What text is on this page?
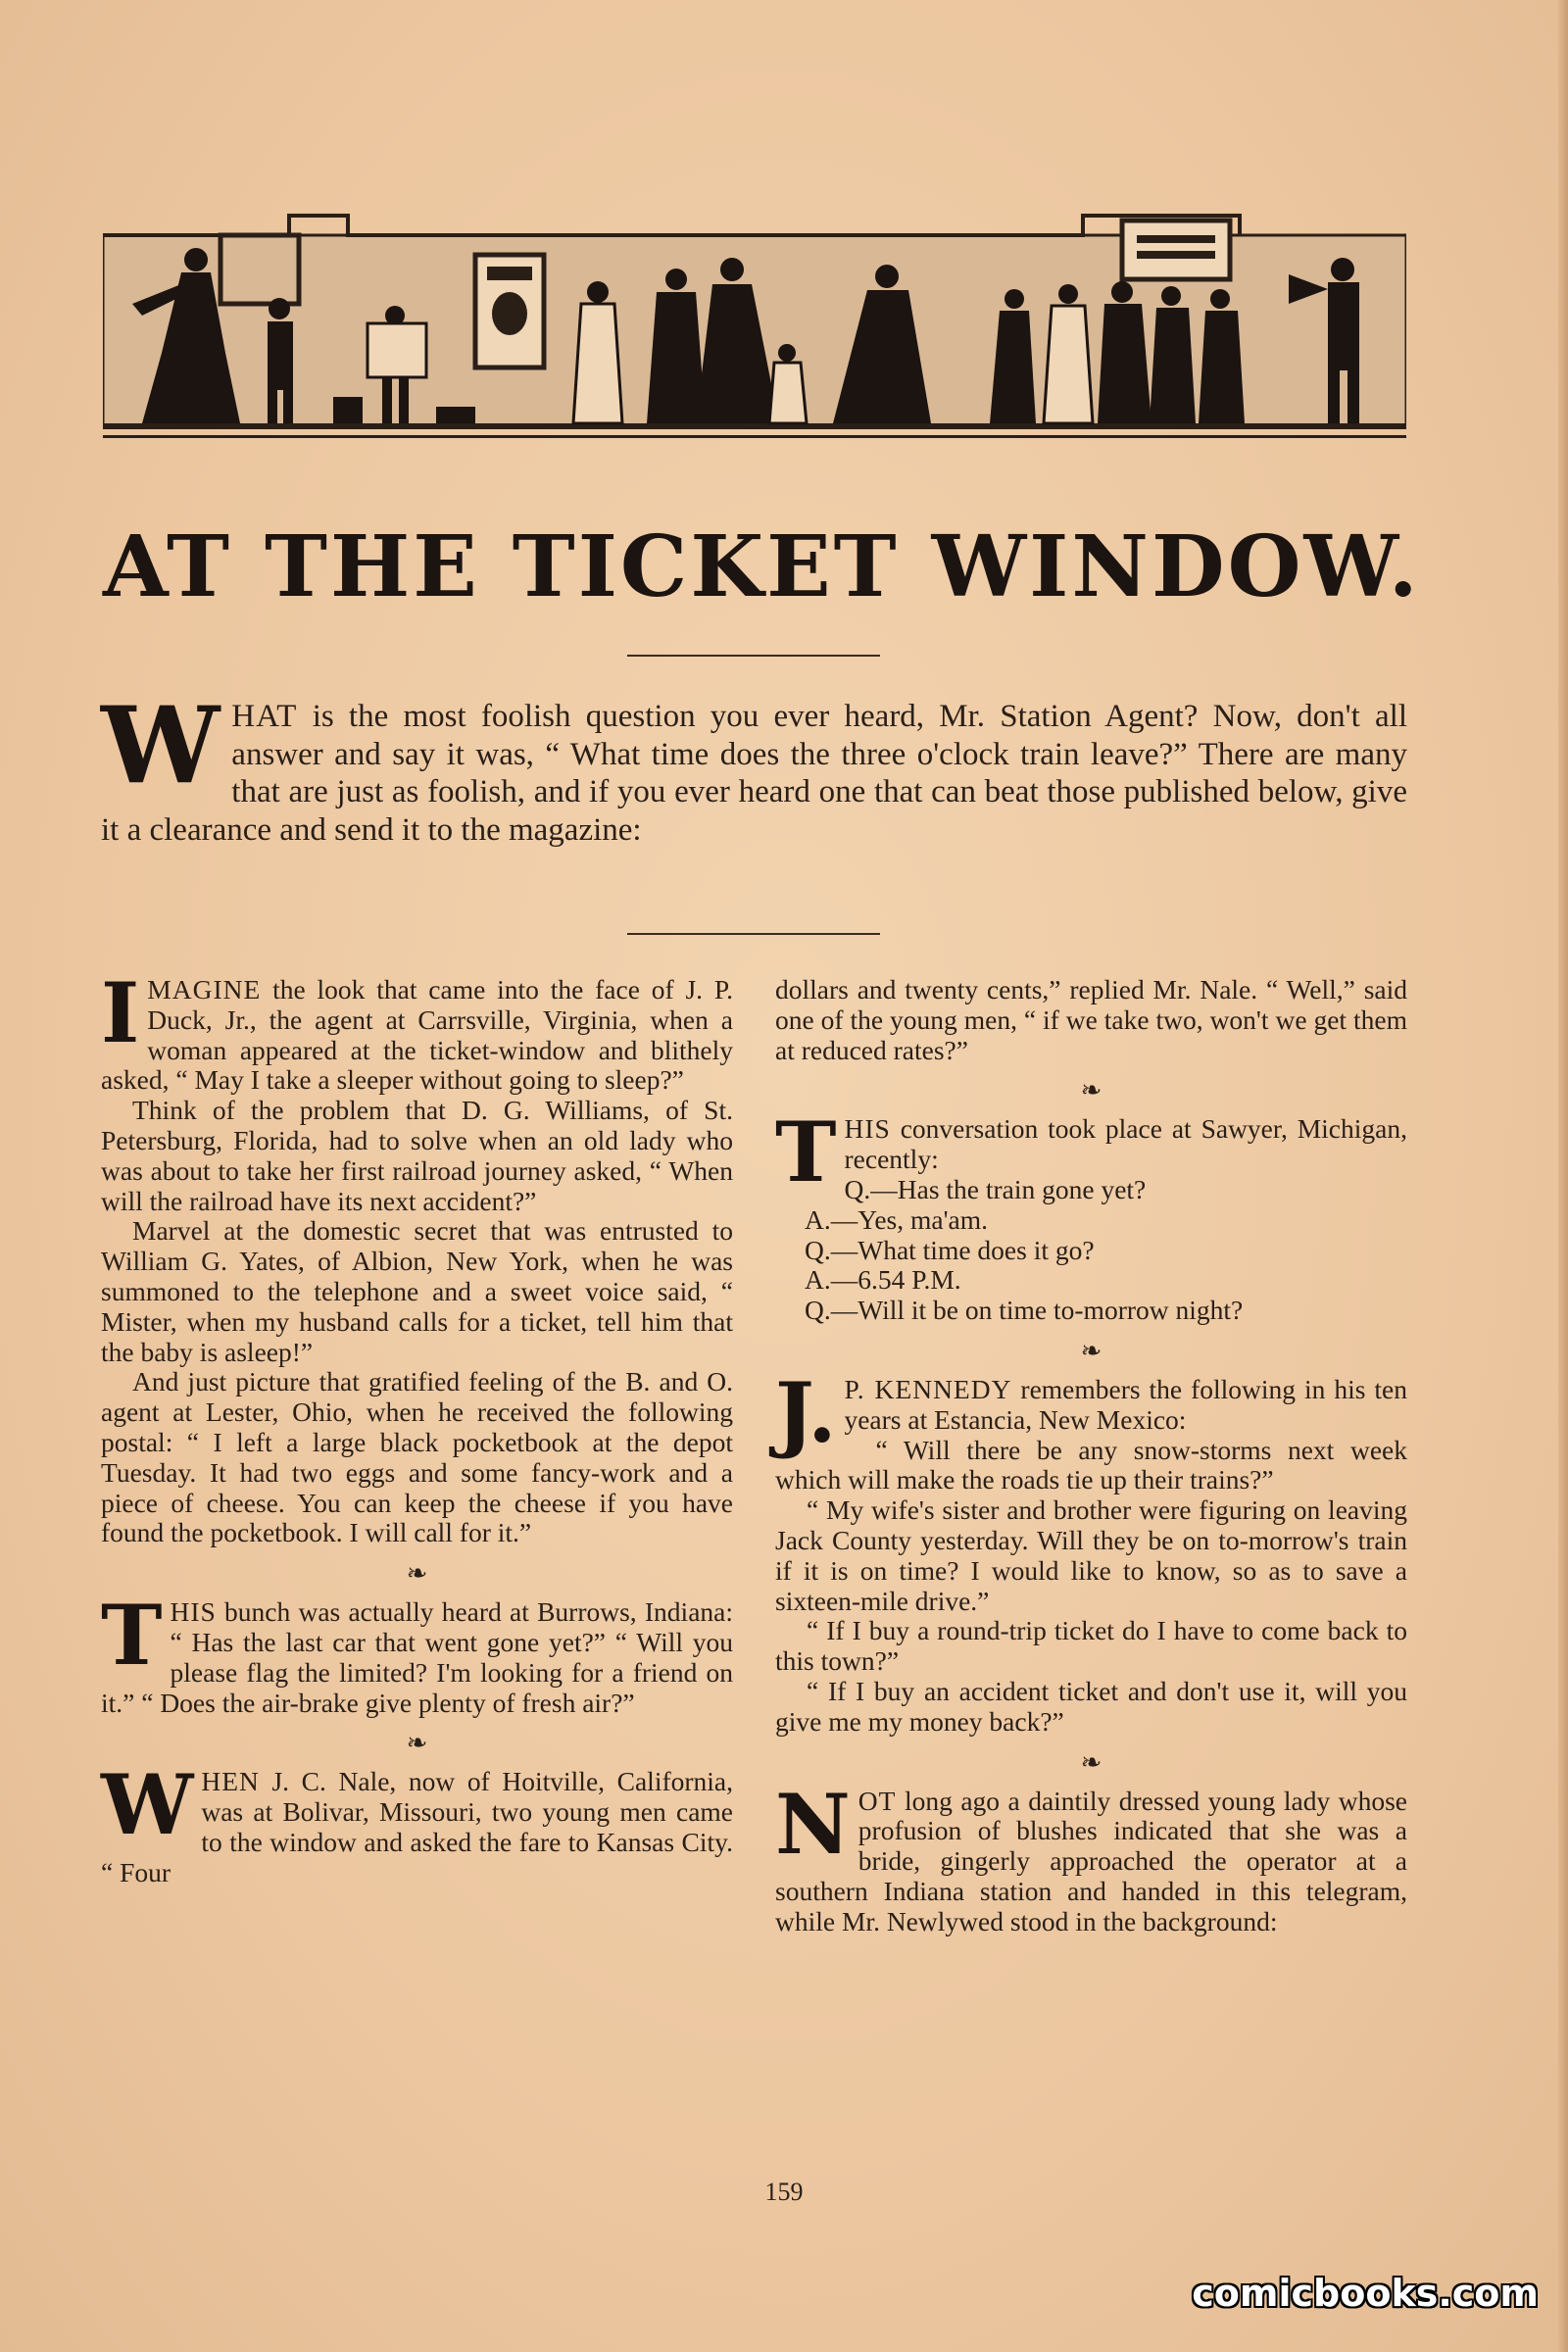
AT THE TICKET WINDOW.
WHAT is the most foolish question you ever heard, Mr. Station Agent? Now, don't all answer and say it was, “ What time does the three o'clock train leave?” There are many that are just as foolish, and if you ever heard one that can beat those published below, give it a clearance and send it to the magazine:

IMAGINE the look that came into the face of J. P. Duck, Jr., the agent at Carrsville, Virginia, when a woman appeared at the ticket-window and blithely asked, “ May I take a sleeper without going to sleep?”

Think of the problem that D. G. Williams, of St. Petersburg, Florida, had to solve when an old lady who was about to take her first railroad journey asked, “ When will the railroad have its next accident?”

Marvel at the domestic secret that was entrusted to William G. Yates, of Albion, New York, when he was summoned to the telephone and a sweet voice said, “ Mister, when my husband calls for a ticket, tell him that the baby is asleep!”

And just picture that gratified feeling of the B. and O. agent at Lester, Ohio, when he received the following postal: “ I left a large black pocketbook at the depot Tuesday. It had two eggs and some fancy-work and a piece of cheese. You can keep the cheese if you have found the pocketbook. I will call for it.”

❧

THIS bunch was actually heard at Burrows, Indiana: “ Has the last car that went gone yet?” “ Will you please flag the limited? I'm looking for a friend on it.” “ Does the air-brake give plenty of fresh air?”

❧

WHEN J. C. Nale, now of Hoitville, California, was at Bolivar, Missouri, two young men came to the window and asked the fare to Kansas City. “ Four

dollars and twenty cents,” replied Mr. Nale. “ Well,” said one of the young men, “ if we take two, won't we get them at reduced rates?”

❧

THIS conversation took place at Sawyer, Michigan, recently:

Q.—Has the train gone yet?
A.—Yes, ma'am.
Q.—What time does it go?
A.—6.54 P.M.
Q.—Will it be on time to-morrow night?
❧

J. P. KENNEDY remembers the following in his ten years at Estancia, New Mexico:

“ Will there be any snow-storms next week which will make the roads tie up their trains?”

“ My wife's sister and brother were figuring on leaving Jack County yesterday. Will they be on to-morrow's train if it is on time? I would like to know, so as to save a sixteen-mile drive.”

“ If I buy a round-trip ticket do I have to come back to this town?”

“ If I buy an accident ticket and don't use it, will you give me my money back?”

❧

NOT long ago a daintily dressed young lady whose profusion of blushes indicated that she was a bride, gingerly approached the operator at a southern Indiana station and handed in this telegram, while Mr. Newlywed stood in the background:

159
comicbooks.com
